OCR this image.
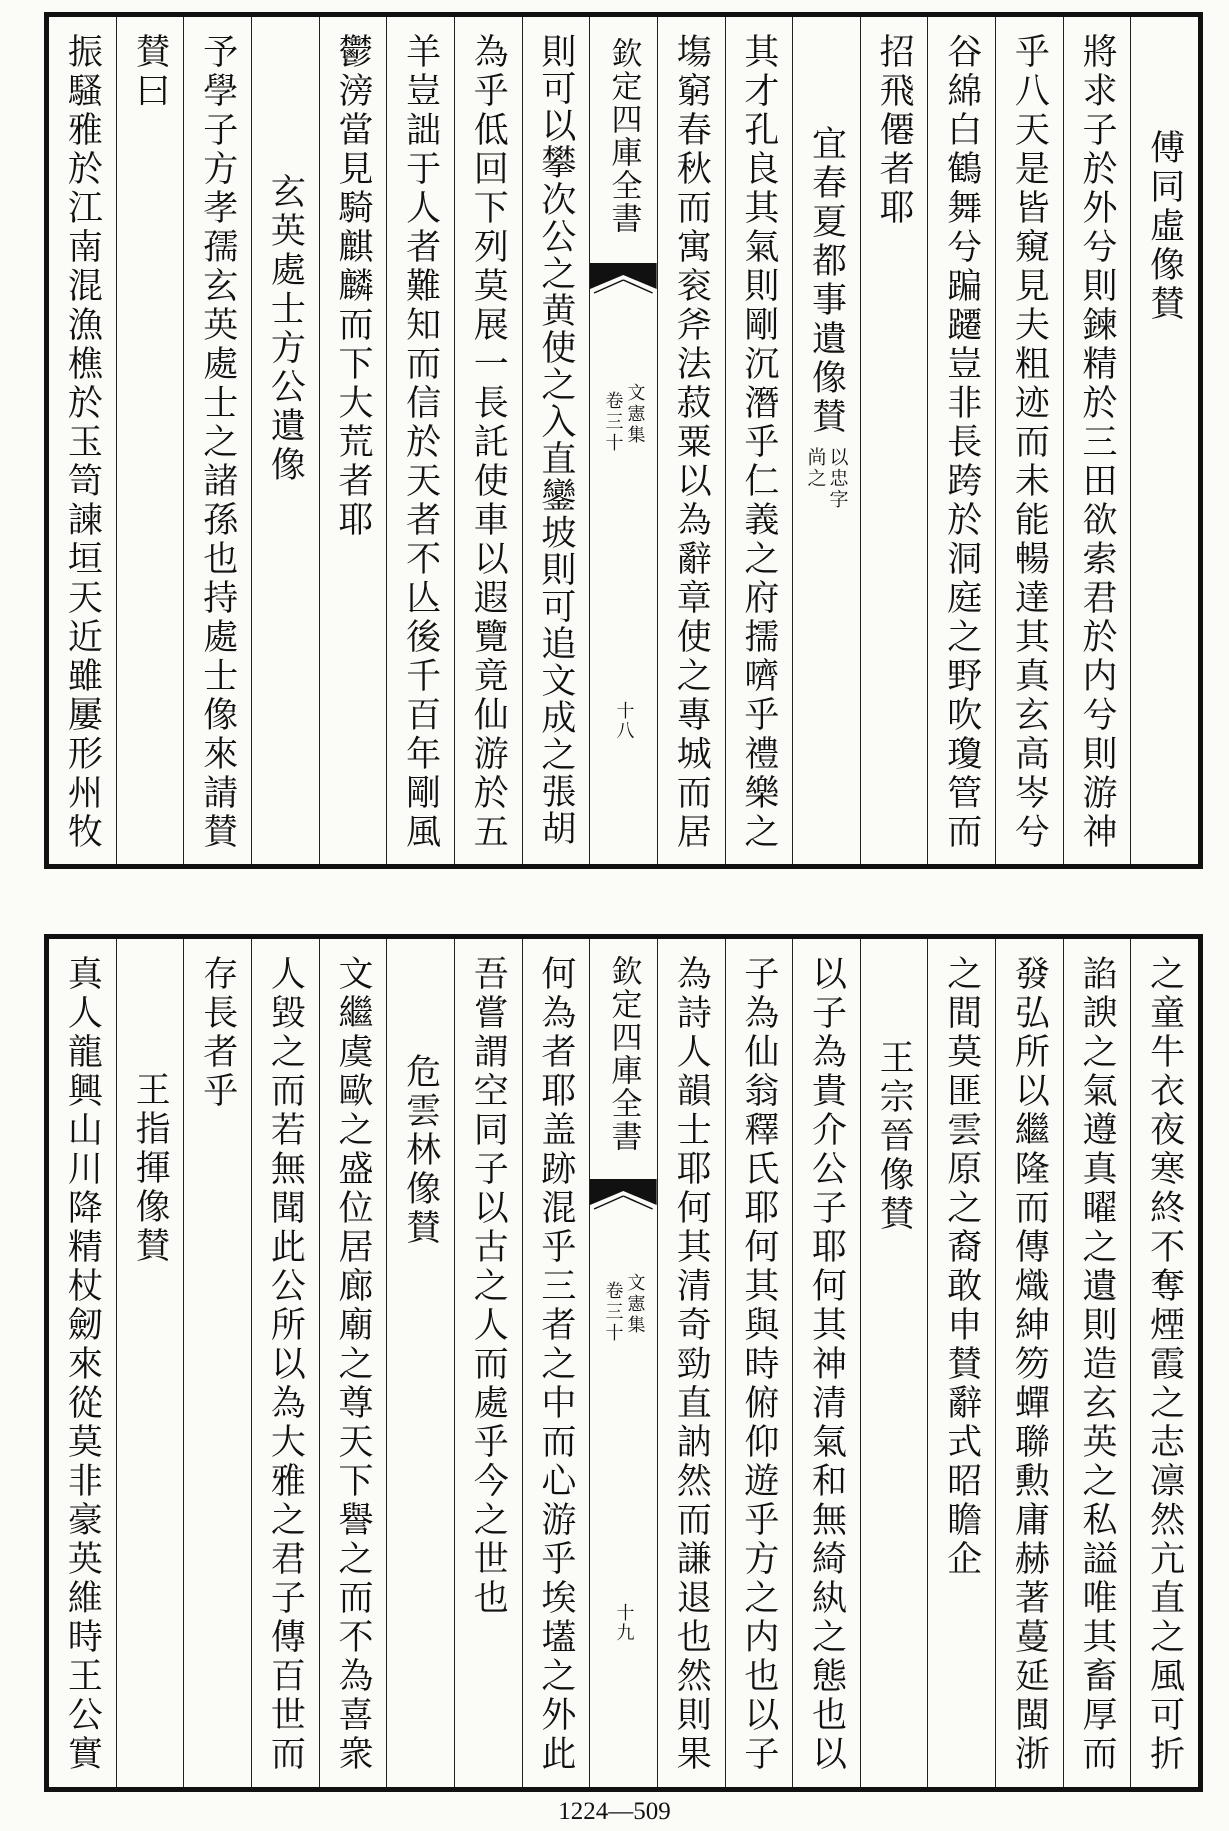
傅同虛像賛
將求子於外兮則鍊精於三田欲索君於内兮則游神
乎八天是皆窺見夫粗迹而未能暢達其真玄高岑兮
谷綿白鶴舞兮蹁躚豈非長跨於洞庭之野吹瓊管而
招飛僊者耶
宜春夏都事遺像賛
以忠字
尚之
其才孔良其氣則剛沉潛乎仁義之府擩嚌乎禮樂之
塲窮春秋而寓衮斧法菽粟以為辭章使之專城而居
欽定四庫全書
文憲集
卷三十
十八
則可以攀次公之黄使之入直鑾坡則可追文成之張胡
為乎低回下列莫展一長託使車以遐覽竟仙游於五
羊豈詘于人者難知而信於天者不亾後千百年剛風
鬱滂當見騎麒麟而下大荒者耶
玄英處士方公遺像
予學子方孝孺玄英處士之諸孫也持處士像來請賛
賛曰
振騷雅於江南混漁樵於玉笥諫垣天近雖屢形州牧
之童牛衣夜寒終不奪煙霞之志凛然亢直之風可折
諂諛之氣遵真曜之遺則造玄英之私謚唯其畜厚而
發弘所以繼隆而傳熾紳笏蟬聯勲庸赫著蔓延閩浙
之間莫匪雲原之裔敢申賛辭式昭瞻企
王宗晉像賛
以子為貴介公子耶何其神清氣和無綺紈之態也以
子為仙翁釋氏耶何其與時俯仰遊乎方之内也以子
為詩人韻士耶何其清奇勁直訥然而謙退也然則果
欽定四庫全書
文憲集
卷三十
十九
何為者耶盖跡混乎三者之中而心游乎埃壒之外此
吾嘗謂空同子以古之人而處乎今之世也
危雲林像賛
文繼虞歐之盛位居廊廟之尊天下譽之而不為喜衆
人毀之而若無聞此公所以為大雅之君子傳百世而
存長者乎
王指揮像賛
真人龍興山川降精杖劒來從莫非豪英維時王公實
1224—509
